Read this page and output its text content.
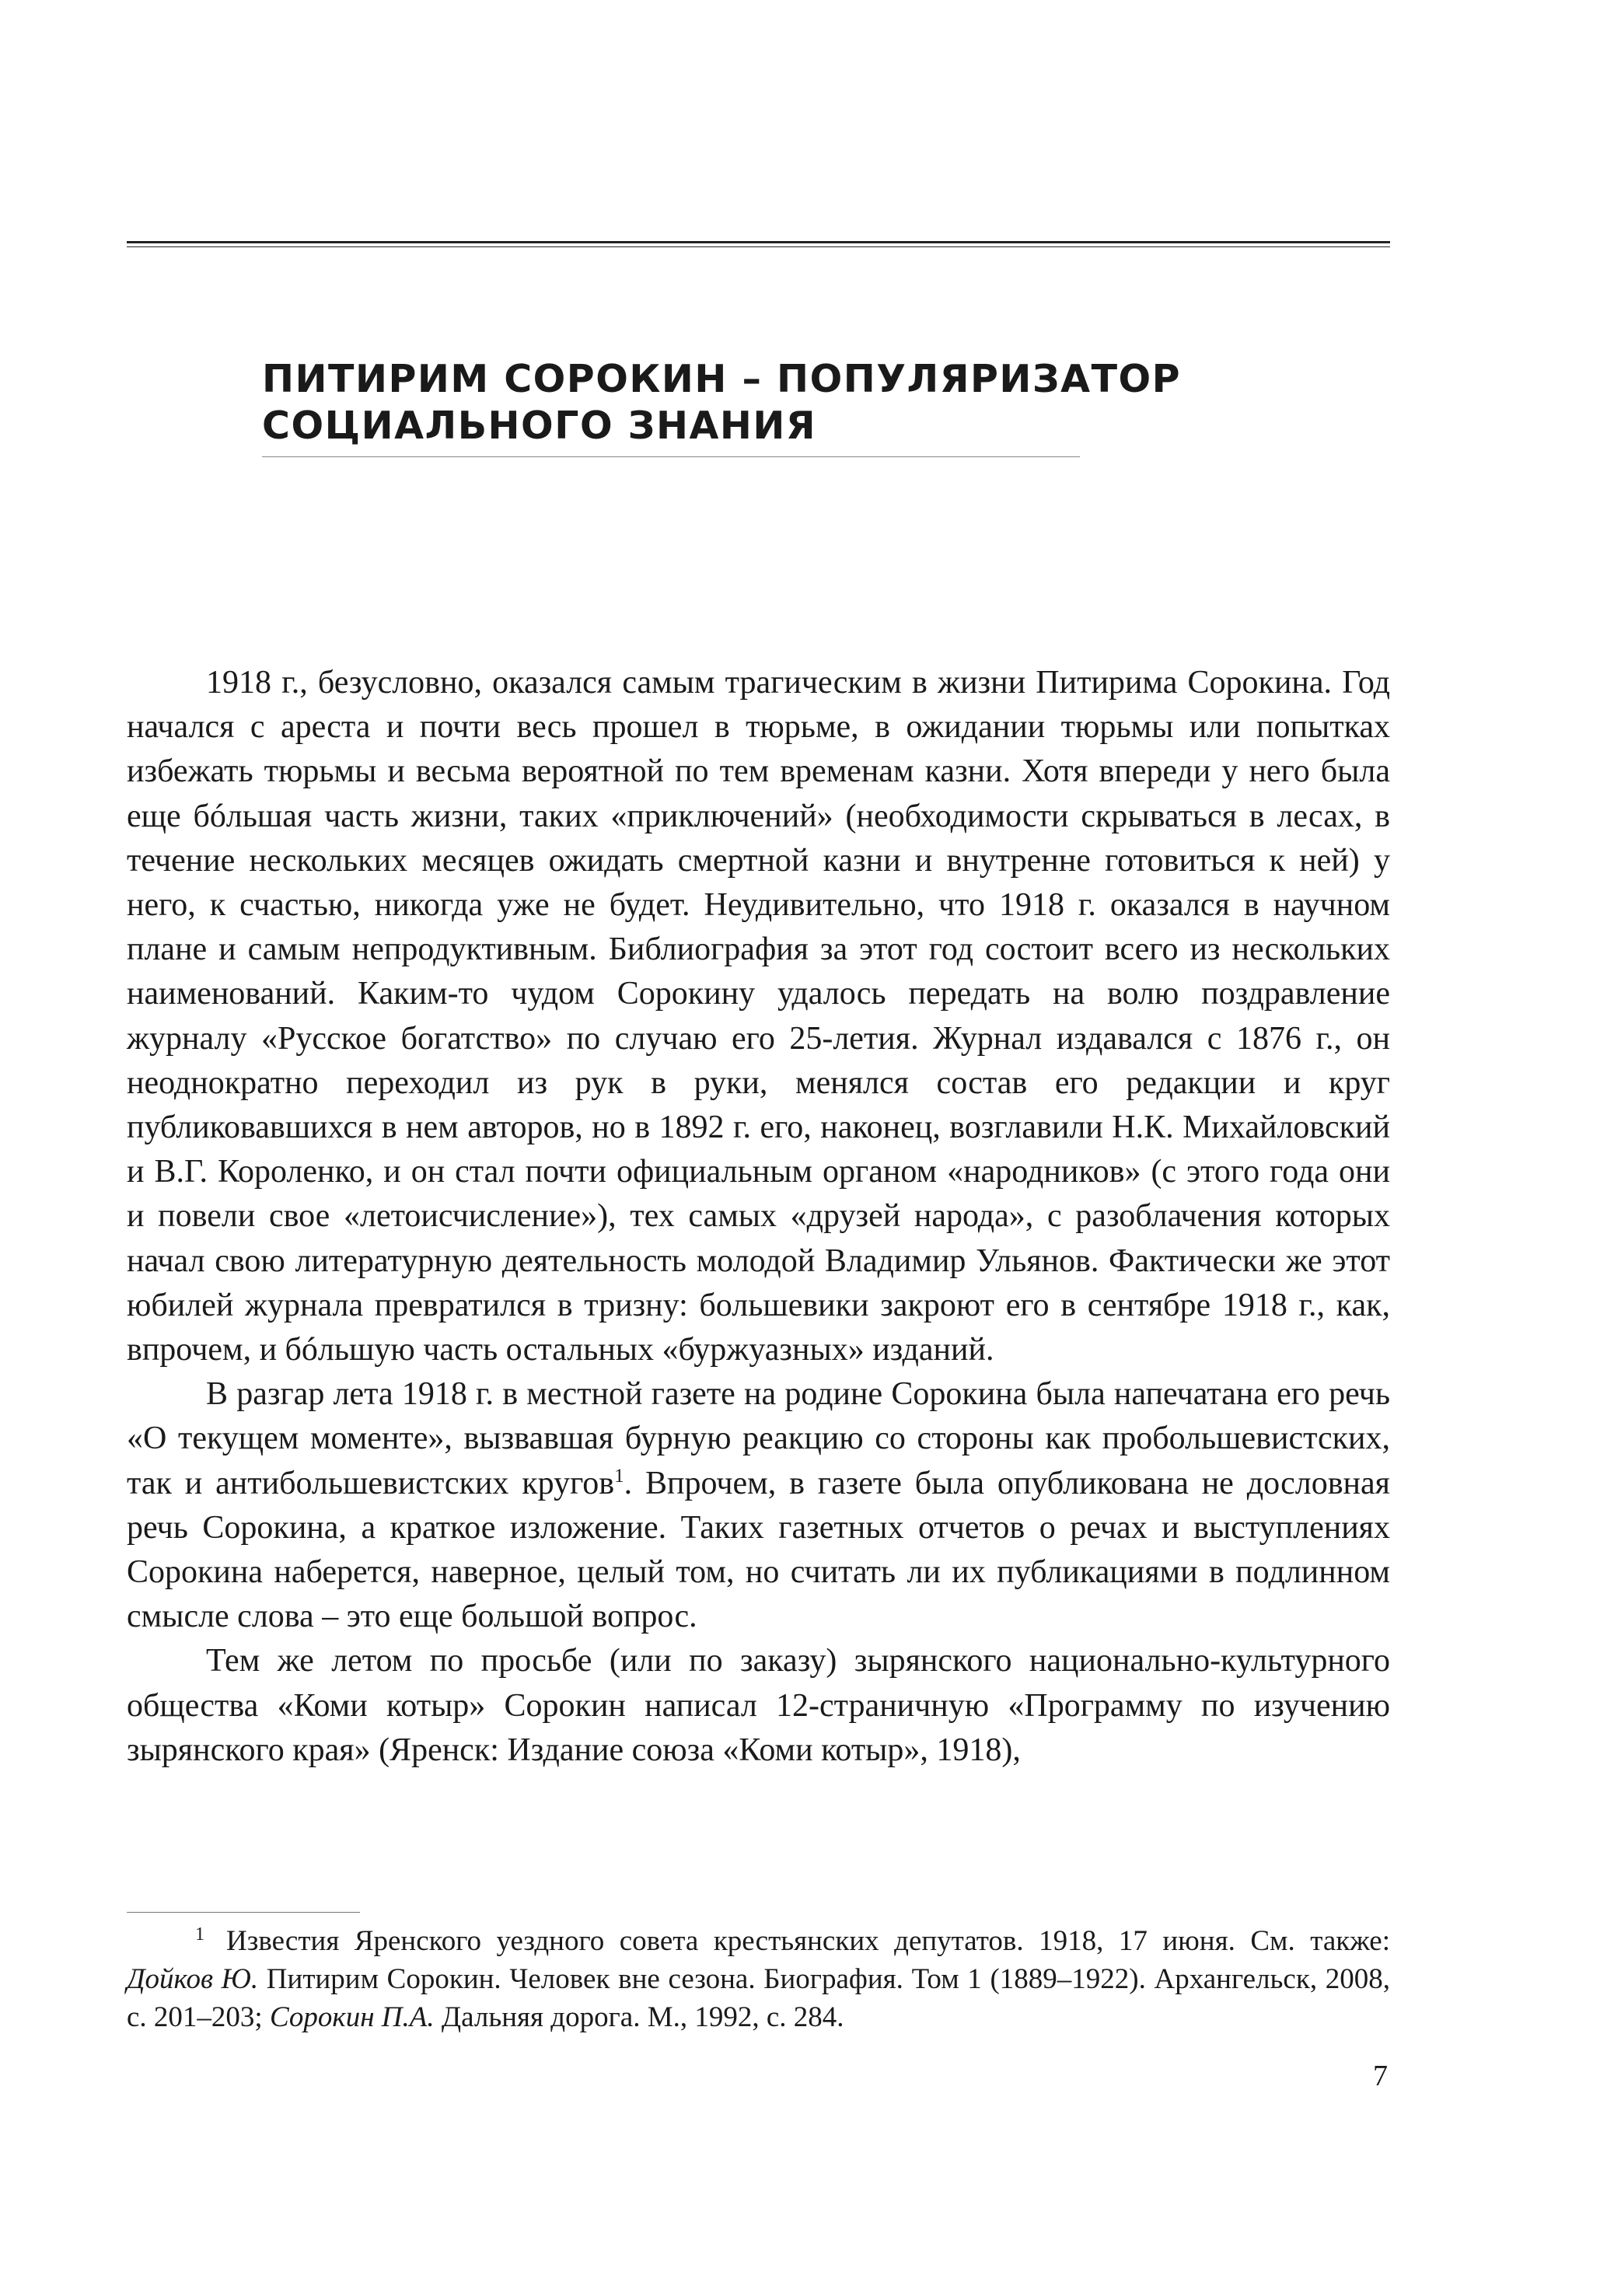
ПИТИРИМ СОРОКИН – ПОПУЛЯРИЗАТОР
СОЦИАЛЬНОГО ЗНАНИЯ

1918 г., безусловно, оказался самым трагическим в жизни Питирима Сорокина. Год начался с ареста и почти весь прошел в тюрьме, в ожидании тюрьмы или попытках избежать тюрьмы и весьма вероятной по тем временам казни. Хотя впереди у него была еще бóльшая часть жизни, таких «приключений» (необходимости скрываться в лесах, в течение нескольких месяцев ожидать смертной казни и внутренне готовиться к ней) у него, к счастью, никогда уже не будет. Неудивительно, что 1918 г. оказался в научном плане и самым непродуктивным. Библиография за этот год состоит всего из нескольких наименований. Каким-то чудом Сорокину удалось передать на волю поздравление журналу «Русское богатство» по случаю его 25-летия. Журнал издавался с 1876 г., он неоднократно переходил из рук в руки, менялся состав его редакции и круг публиковавшихся в нем авторов, но в 1892 г. его, наконец, возглавили Н.К. Михайловский и В.Г. Короленко, и он стал почти официальным органом «народников» (с этого года они и повели свое «летоисчисление»), тех самых «друзей народа», с разоблачения которых начал свою литературную деятельность молодой Владимир Ульянов. Фактически же этот юбилей журнала превратился в тризну: большевики закроют его в сентябре 1918 г., как, впрочем, и бóльшую часть остальных «буржуазных» изданий.

В разгар лета 1918 г. в местной газете на родине Сорокина была напечатана его речь «О текущем моменте», вызвавшая бурную реакцию со стороны как пробольшевистских, так и антибольшевистских кругов$^1$. Впрочем, в газете была опубликована не дословная речь Сорокина, а краткое изложение. Таких газетных отчетов о речах и выступлениях Сорокина наберется, наверное, целый том, но считать ли их публикациями в подлинном смысле слова – это еще большой вопрос.

Тем же летом по просьбе (или по заказу) зырянского национально-культурного общества «Коми котыр» Сорокин написал 12-страничную «Программу по изучению зырянского края» (Яренск: Издание союза «Коми котыр», 1918),

$^1$ Известия Яренского уездного совета крестьянских депутатов. 1918, 17 июня. См. также: Дойков Ю. Питирим Сорокин. Человек вне сезона. Биография. Том 1 (1889–1922). Архангельск, 2008, с. 201–203; Сорокин П.А. Дальняя дорога. М., 1992, с. 284.

7
